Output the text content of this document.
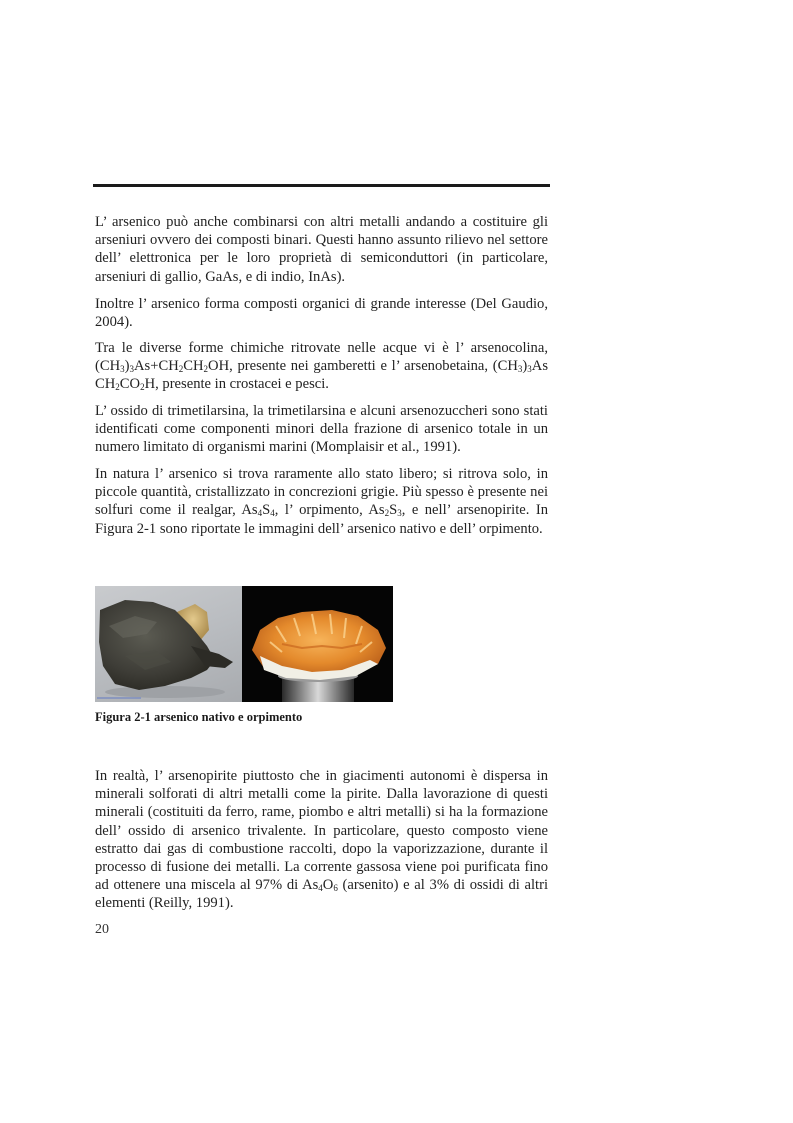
L’ arsenico può anche combinarsi con altri metalli andando a costituire gli arseniuri ovvero dei composti binari. Questi hanno assunto rilievo nel settore dell’ elettronica per le loro proprietà di semiconduttori (in particolare, arseniuri di gallio, GaAs, e di indio, InAs).

Inoltre l’ arsenico forma composti organici di grande interesse (Del Gaudio, 2004).

Tra le diverse forme chimiche ritrovate nelle acque vi è l’ arsenocolina, $(CH_3)_3As+CH_2CH_2OH$, presente nei gamberetti e l’ arsenobetaina, $(CH_3)_3As$ $CH_2CO_2H$, presente in crostacei e pesci.

L’ ossido di trimetilarsina, la trimetilarsina e alcuni arsenozuccheri sono stati identificati come componenti minori della frazione di arsenico totale in un numero limitato di organismi marini (Momplaisir et al., 1991).

In natura l’ arsenico si trova raramente allo stato libero; si ritrova solo, in piccole quantità, cristallizzato in concrezioni grigie. Più spesso è presente nei solfuri come il realgar, $As_4S_4$, l’ orpimento, $As_2S_3$, e nell’ arsenopirite. In Figura 2-1 sono riportate le immagini dell’ arsenico nativo e dell’ orpimento.

Figura 2-1 arsenico nativo e orpimento

In realtà, l’ arsenopirite piuttosto che in giacimenti autonomi è dispersa in minerali solforati di altri metalli come la pirite. Dalla lavorazione di questi minerali (costituiti da ferro, rame, piombo e altri metalli) si ha la formazione dell’ ossido di arsenico trivalente. In particolare, questo composto viene estratto dai gas di combustione raccolti, dopo la vaporizzazione, durante il processo di fusione dei metalli. La corrente gassosa viene poi purificata fino ad ottenere una miscela al 97% di $As_4O_6$ (arsenito) e al 3% di ossidi di altri elementi (Reilly, 1991).

20
